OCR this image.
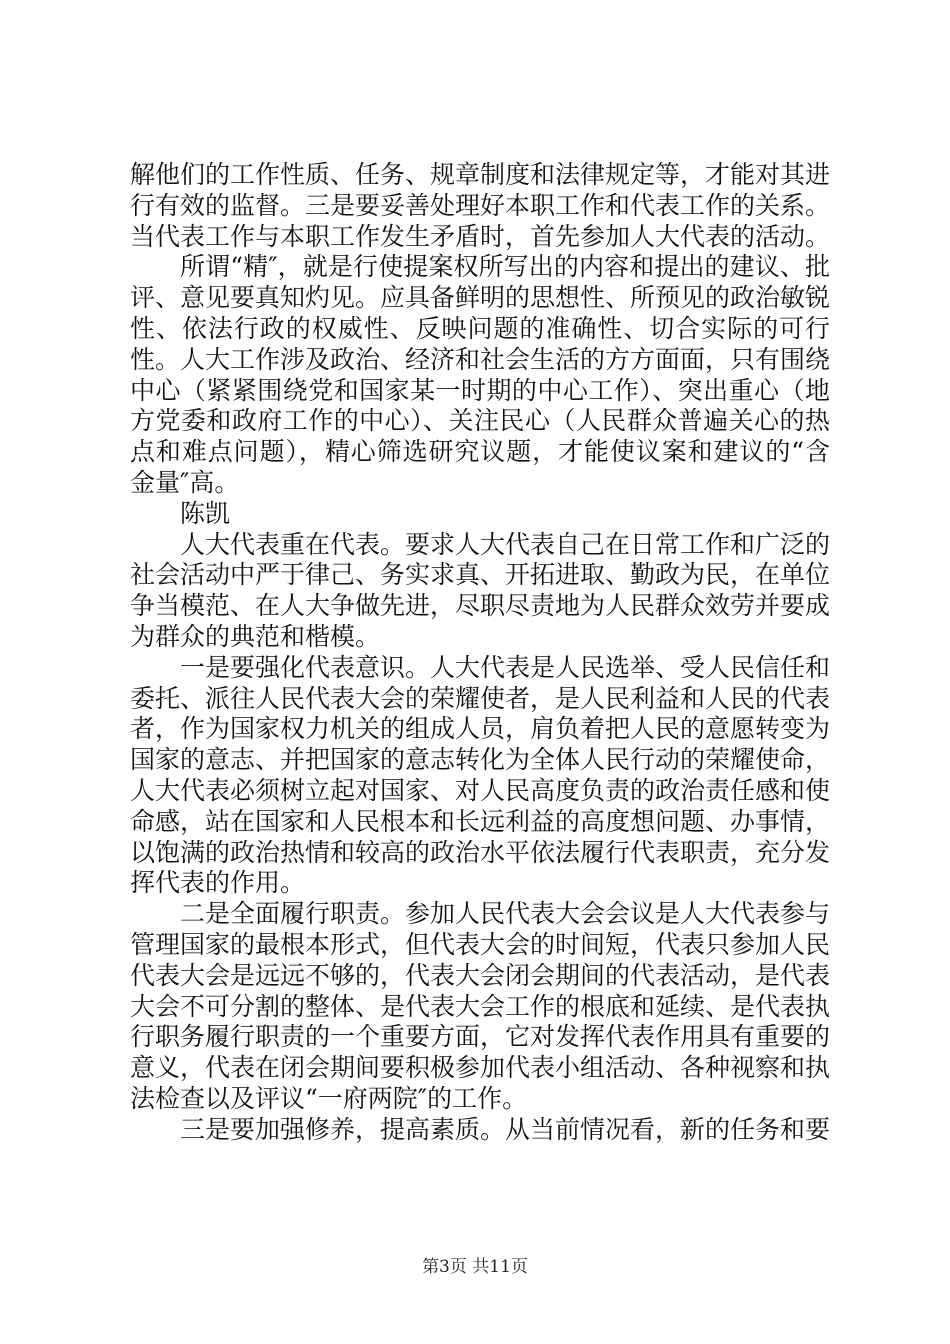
解他们的工作性质、任务、规章制度和法律规定等，才能对其进行有效的监督。三是要妥善处理好本职工作和代表工作的关系。当代表工作与本职工作发生矛盾时，首先参加人大代表的活动。

所谓“精″，就是行使提案权所写出的内容和提出的建议、批评、意见要真知灼见。应具备鲜明的思想性、所预见的政治敏锐性、依法行政的权威性、反映问题的准确性、切合实际的可行性。人大工作涉及政治、经济和社会生活的方方面面，只有围绕中心（紧紧围绕党和国家某一时期的中心工作）、突出重心（地方党委和政府工作的中心）、关注民心（人民群众普遍关心的热点和难点问题），精心筛选研究议题，才能使议案和建议的“含金量″高。

陈凯

人大代表重在代表。要求人大代表自己在日常工作和广泛的社会活动中严于律己、务实求真、开拓进取、勤政为民，在单位争当模范、在人大争做先进，尽职尽责地为人民群众效劳并要成为群众的典范和楷模。

一是要强化代表意识。人大代表是人民选举、受人民信任和委托、派往人民代表大会的荣耀使者，是人民利益和人民的代表者，作为国家权力机关的组成人员，肩负着把人民的意愿转变为国家的意志、并把国家的意志转化为全体人民行动的荣耀使命，人大代表必须树立起对国家、对人民高度负责的政治责任感和使命感，站在国家和人民根本和长远利益的高度想问题、办事情，以饱满的政治热情和较高的政治水平依法履行代表职责，充分发挥代表的作用。

二是全面履行职责。参加人民代表大会会议是人大代表参与管理国家的最根本形式，但代表大会的时间短，代表只参加人民代表大会是远远不够的，代表大会闭会期间的代表活动，是代表大会不可分割的整体、是代表大会工作的根底和延续、是代表执行职务履行职责的一个重要方面，它对发挥代表作用具有重要的意义，代表在闭会期间要积极参加代表小组活动、各种视察和执法检查以及评议“一府两院″的工作。

三是要加强修养，提高素质。从当前情况看，新的任务和要

第3页 共11页
